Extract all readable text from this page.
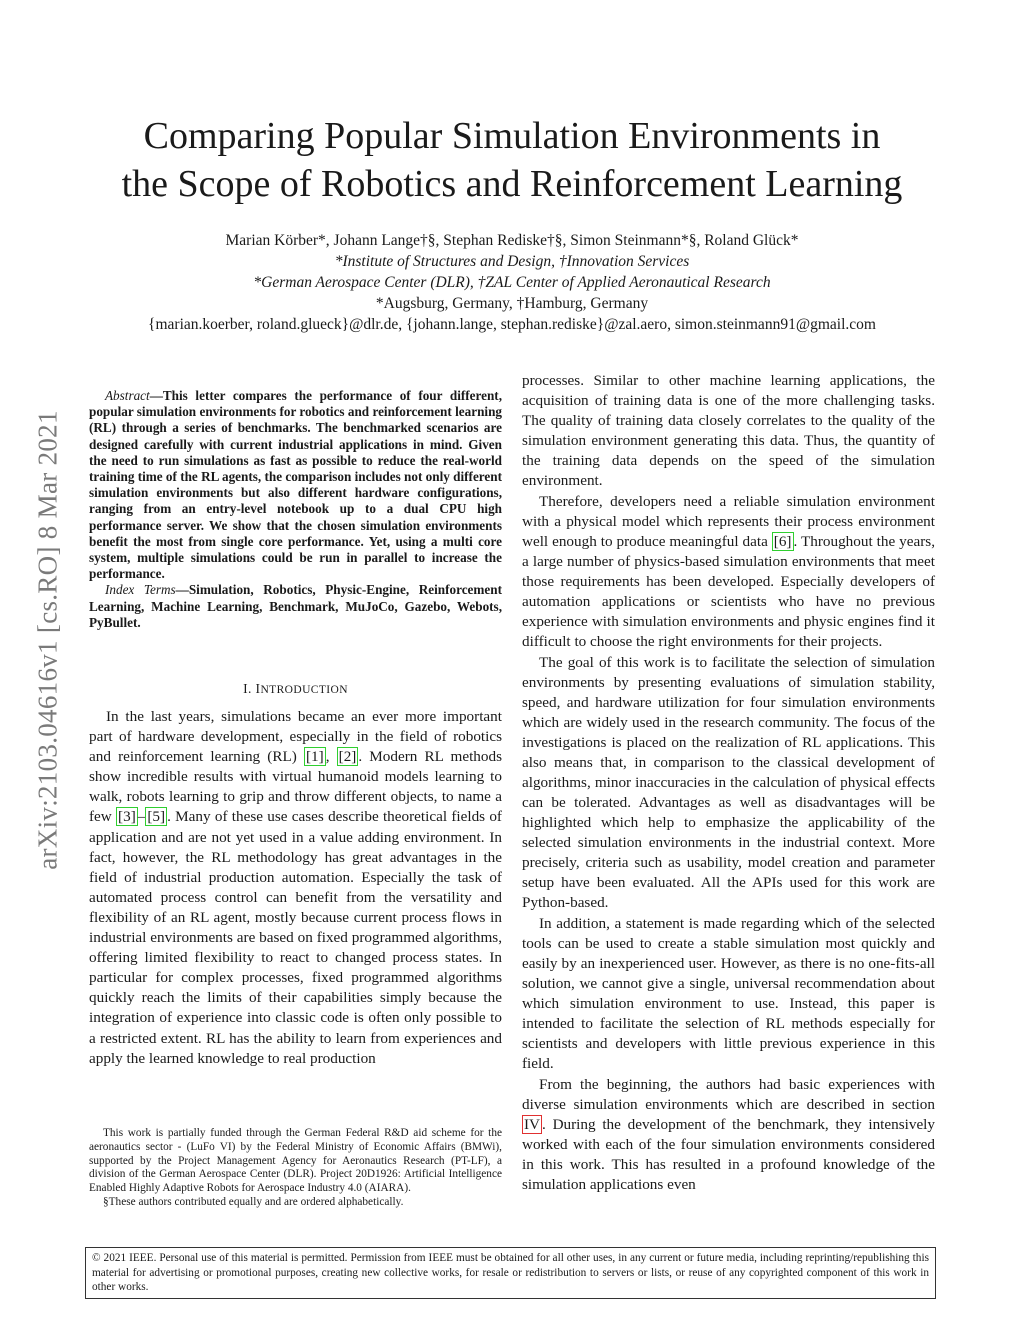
arXiv:2103.04616v1 [cs.RO] 8 Mar 2021
Comparing Popular Simulation Environments in
the Scope of Robotics and Reinforcement Learning
Marian Körber*, Johann Lange†§, Stephan Rediske†§, Simon Steinmann*§, Roland Glück*
*Institute of Structures and Design, †Innovation Services
*German Aerospace Center (DLR), †ZAL Center of Applied Aeronautical Research
*Augsburg, Germany, †Hamburg, Germany
{marian.koerber, roland.glueck}@dlr.de, {johann.lange, stephan.rediske}@zal.aero, simon.steinmann91@gmail.com

Abstract—This letter compares the performance of four different, popular simulation environments for robotics and reinforcement learning (RL) through a series of benchmarks. The benchmarked scenarios are designed carefully with current industrial applications in mind. Given the need to run simulations as fast as possible to reduce the real-world training time of the RL agents, the comparison includes not only different simulation environments but also different hardware configurations, ranging from an entry-level notebook up to a dual CPU high performance server. We show that the chosen simulation environments benefit the most from single core performance. Yet, using a multi core system, multiple simulations could be run in parallel to increase the performance.

Index Terms—Simulation, Robotics, Physic-Engine, Reinforcement Learning, Machine Learning, Benchmark, MuJoCo, Gazebo, Webots, PyBullet.

I. INTRODUCTION

In the last years, simulations became an ever more important part of hardware development, especially in the field of robotics and reinforcement learning (RL) [1] , [2] . Modern RL methods show incredible results with virtual humanoid models learning to walk, robots learning to grip and throw different objects, to name a few [3] – [5] . Many of these use cases describe theoretical fields of application and are not yet used in a value adding environment. In fact, however, the RL methodology has great advantages in the field of industrial production automation. Especially the task of automated process control can benefit from the versatility and flexibility of an RL agent, mostly because current process flows in industrial environments are based on fixed programmed algorithms, offering limited flexibility to react to changed process states. In particular for complex processes, fixed programmed algorithms quickly reach the limits of their capabilities simply because the integration of experience into classic code is often only possible to a restricted extent. RL has the ability to learn from experiences and apply the learned knowledge to real production

This work is partially funded through the German Federal R&D aid scheme for the aeronautics sector - (LuFo VI) by the Federal Ministry of Economic Affairs (BMWi), supported by the Project Management Agency for Aeronautics Research (PT-LF), a division of the German Aerospace Center (DLR). Project 20D1926: Artificial Intelligence Enabled Highly Adaptive Robots for Aerospace Industry 4.0 (AIARA).

§These authors contributed equally and are ordered alphabetically.

processes. Similar to other machine learning applications, the acquisition of training data is one of the more challenging tasks. The quality of training data closely correlates to the quality of the simulation environment generating this data. Thus, the quantity of the training data depends on the speed of the simulation environment.

Therefore, developers need a reliable simulation environment with a physical model which represents their process environment well enough to produce meaningful data [6] . Throughout the years, a large number of physics-based simulation environments that meet those requirements has been developed. Especially developers of automation applications or scientists who have no previous experience with simulation environments and physic engines find it difficult to choose the right environments for their projects.

The goal of this work is to facilitate the selection of simulation environments by presenting evaluations of simulation stability, speed, and hardware utilization for four simulation environments which are widely used in the research community. The focus of the investigations is placed on the realization of RL applications. This also means that, in comparison to the classical development of algorithms, minor inaccuracies in the calculation of physical effects can be tolerated. Advantages as well as disadvantages will be highlighted which help to emphasize the applicability of the selected simulation environments in the industrial context. More precisely, criteria such as usability, model creation and parameter setup have been evaluated. All the APIs used for this work are Python-based.

In addition, a statement is made regarding which of the selected tools can be used to create a stable simulation most quickly and easily by an inexperienced user. However, as there is no one-fits-all solution, we cannot give a single, universal recommendation about which simulation environment to use. Instead, this paper is intended to facilitate the selection of RL methods especially for scientists and developers with little previous experience in this field.

From the beginning, the authors had basic experiences with diverse simulation environments which are described in section IV . During the development of the benchmark, they intensively worked with each of the four simulation environments considered in this work. This has resulted in a profound knowledge of the simulation applications even

© 2021 IEEE. Personal use of this material is permitted. Permission from IEEE must be obtained for all other uses, in any current or future media, including reprinting/republishing this material for advertising or promotional purposes, creating new collective works, for resale or redistribution to servers or lists, or reuse of any copyrighted component of this work in other works.
